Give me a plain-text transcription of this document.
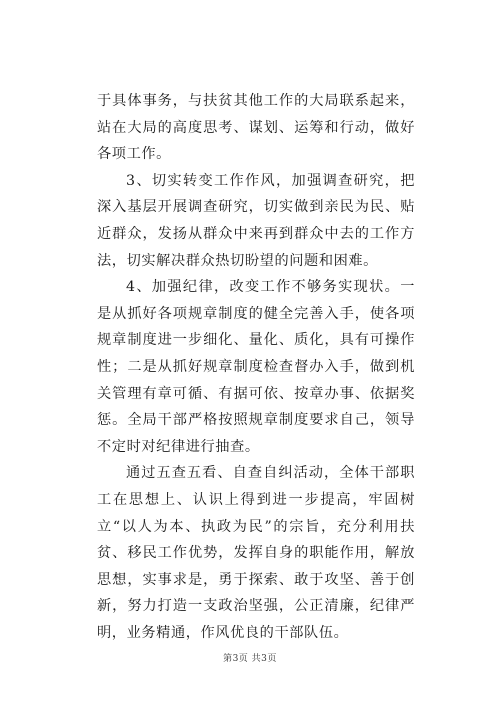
于具体事务，与扶贫其他工作的大局联系起来，站在大局的高度思考、谋划、运筹和行动，做好各项工作。

3、切实转变工作作风，加强调查研究，把深入基层开展调查研究，切实做到亲民为民、贴近群众，发扬从群众中来再到群众中去的工作方法，切实解决群众热切盼望的问题和困难。

4、加强纪律，改变工作不够务实现状。一是从抓好各项规章制度的健全完善入手，使各项规章制度进一步细化、量化、质化，具有可操作性；二是从抓好规章制度检查督办入手，做到机关管理有章可循、有据可依、按章办事、依据奖惩。全局干部严格按照规章制度要求自己，领导不定时对纪律进行抽查。

通过五查五看、自查自纠活动，全体干部职工在思想上、认识上得到进一步提高，牢固树立“以人为本、执政为民”的宗旨，充分利用扶贫、移民工作优势，发挥自身的职能作用，解放思想，实事求是，勇于探索、敢于攻坚、善于创新，努力打造一支政治坚强，公正清廉，纪律严明，业务精通，作风优良的干部队伍。

第3页 共3页
